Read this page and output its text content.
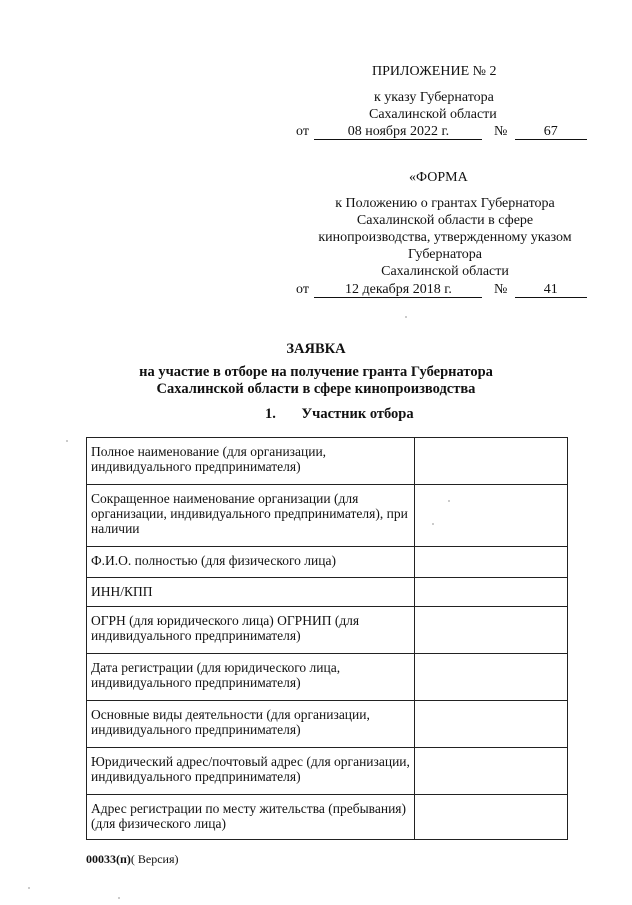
ПРИЛОЖЕНИЕ № 2
к указу Губернатора
Сахалинской области
от	08 ноября 2022 г.	№	67
«ФОРМА
к Положению о грантах Губернатора
Сахалинской области в сфере
кинопроизводства, утвержденному указом
Губернатора
Сахалинской области
от	12 декабря 2018 г.	№	41
ЗАЯВКА
на участие в отборе на получение гранта Губернатора
Сахалинской области в сфере кинопроизводства
1. Участник отбора
Полное наименование (для организации, индивидуального предпринимателя)	
Сокращенное наименование организации (для организации, индивидуального предпринимателя), при наличии	
Ф.И.О. полностью (для физического лица)	
ИНН/КПП	
ОГРН (для юридического лица) ОГРНИП (для индивидуального предпринимателя)	
Дата регистрации (для юридического лица, индивидуального предпринимателя)	
Основные виды деятельности (для организации, индивидуального предпринимателя)	
Юридический адрес/почтовый адрес (для организации, индивидуального предпринимателя)	
Адрес регистрации по месту жительства (пребывания) (для физического лица)	
00033(п)( Версия)
